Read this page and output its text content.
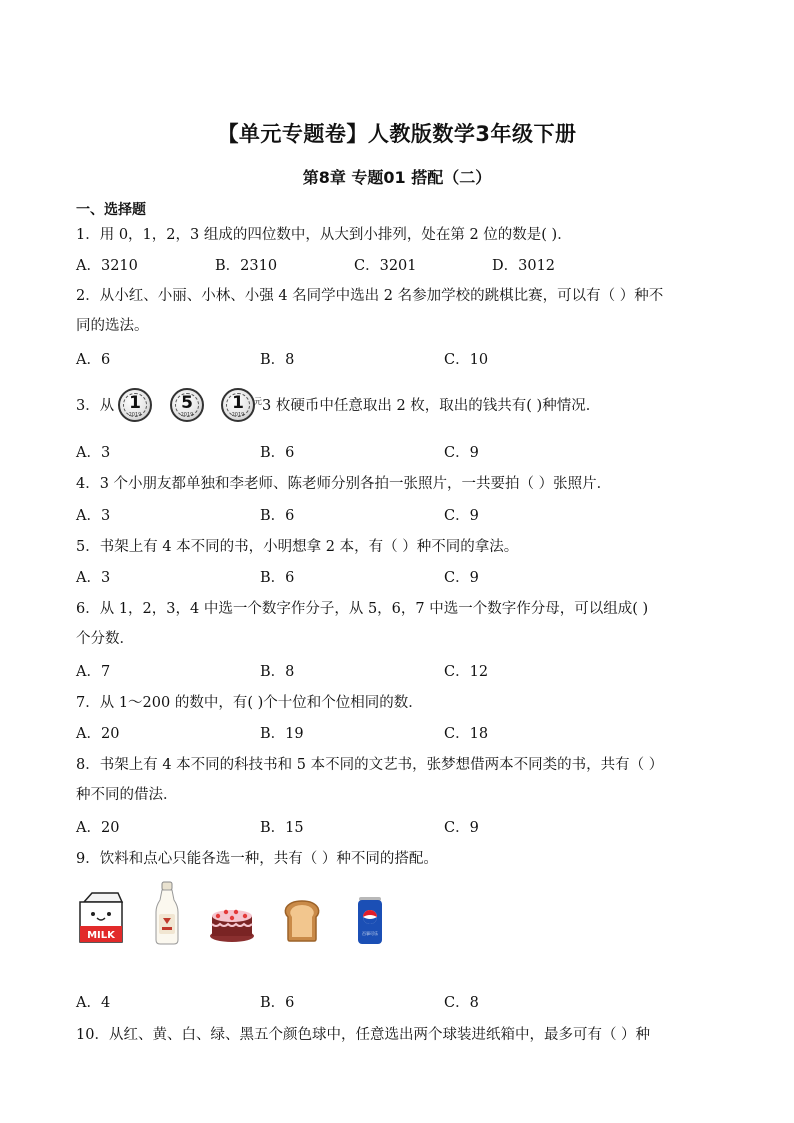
【单元专题卷】人教版数学3年级下册
第8章 专题01 搭配（二）
一、选择题
1．用 0，1，2，3 组成的四位数中，从大到小排列，处在第 2 位的数是( )．
A．3210	B．2310	C．3201	D．3012
2．从小红、小丽、小林、小强 4 名同学中选出 2 名参加学校的跳棋比赛，可以有（ ）种不
同的选法。
A．6	B．8	C．10
3．从 1
2019
5
2019
1
2019
元 3 枚硬币中任意取出 2 枚，取出的钱共有( )种情况．
A．3	B．6	C．9
4．3 个小朋友都单独和李老师、陈老师分别各拍一张照片，一共要拍（ ）张照片．
A．3	B．6	C．9
5．书架上有 4 本不同的书，小明想拿 2 本，有（ ）种不同的拿法。
A．3	B．6	C．9
6．从 1，2，3，4 中选一个数字作分子，从 5，6，7 中选一个数字作分母，可以组成( )
个分数．
A．7	B．8	C．12
7．从 1～200 的数中，有( )个十位和个位相同的数．
A．20	B．19	C．18
8．书架上有 4 本不同的科技书和 5 本不同的文艺书，张梦想借两本不同类的书，共有（ ）
种不同的借法．
A．20	B．15	C．9
9．饮料和点心只能各选一种，共有（ ）种不同的搭配。
MILK	百事可乐
A．4	B．6	C．8
10．从红、黄、白、绿、黑五个颜色球中，任意选出两个球装进纸箱中，最多可有（ ）种
